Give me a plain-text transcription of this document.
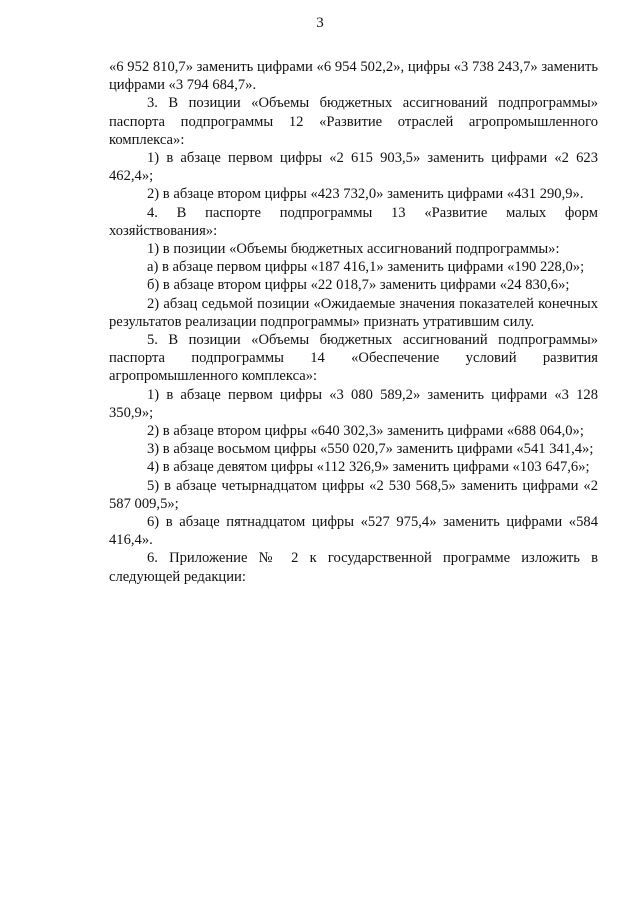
3

«6 952 810,7» заменить цифрами «6 954 502,2», цифры «3 738 243,7» заменить цифрами «3 794 684,7».

3. В позиции «Объемы бюджетных ассигнований подпрограммы» паспорта подпрограммы 12 «Развитие отраслей агропромышленного комплекса»:

1) в абзаце первом цифры «2 615 903,5» заменить цифрами «2 623 462,4»;

2) в абзаце втором цифры «423 732,0» заменить цифрами «431 290,9».

4. В паспорте подпрограммы 13 «Развитие малых форм хозяйствования»:

1) в позиции «Объемы бюджетных ассигнований подпрограммы»:

а) в абзаце первом цифры «187 416,1» заменить цифрами «190 228,0»;

б) в абзаце втором цифры «22 018,7» заменить цифрами «24 830,6»;

2) абзац седьмой позиции «Ожидаемые значения показателей конечных результатов реализации подпрограммы» признать утратившим силу.

5. В позиции «Объемы бюджетных ассигнований подпрограммы» паспорта подпрограммы 14 «Обеспечение условий развития агропромышленного комплекса»:

1) в абзаце первом цифры «3 080 589,2» заменить цифрами «3 128 350,9»;

2) в абзаце втором цифры «640 302,3» заменить цифрами «688 064,0»;

3) в абзаце восьмом цифры «550 020,7» заменить цифрами «541 341,4»;

4) в абзаце девятом цифры «112 326,9» заменить цифрами «103 647,6»;

5) в абзаце четырнадцатом цифры «2 530 568,5» заменить цифрами «2 587 009,5»;

6) в абзаце пятнадцатом цифры «527 975,4» заменить цифрами «584 416,4».

6. Приложение № 2 к государственной программе изложить в следующей редакции:
